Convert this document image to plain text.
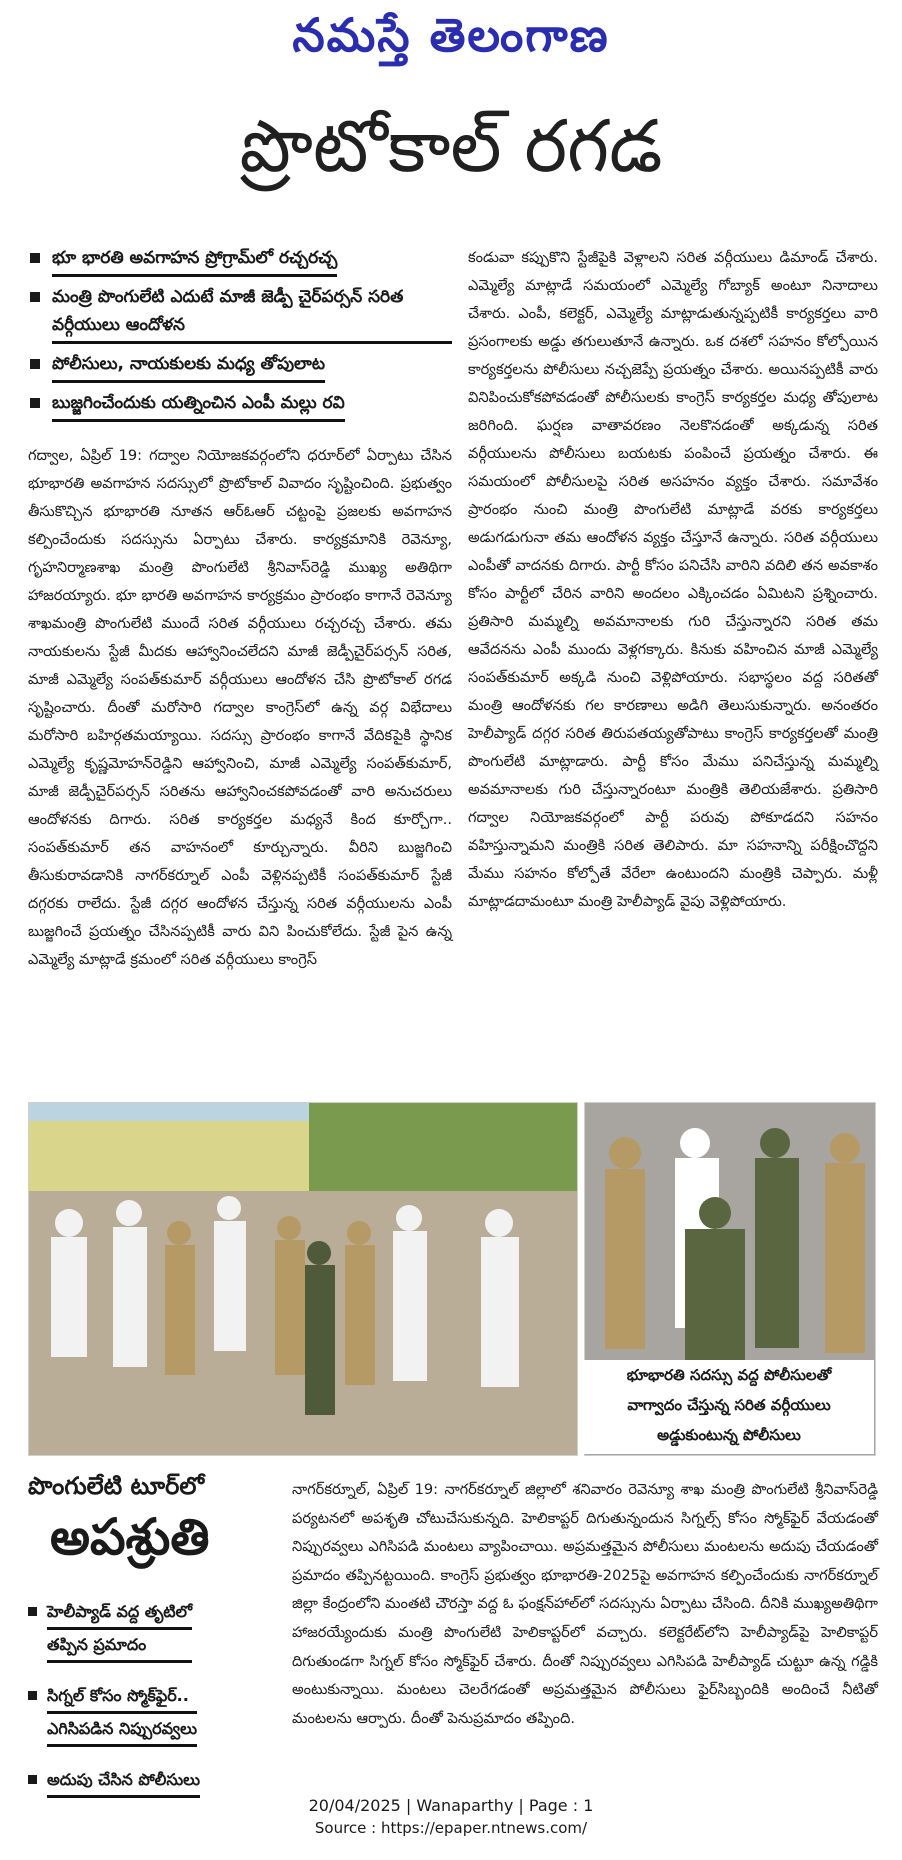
నమస్తే తెలంగాణ
ప్రొటోకాల్ రగడ
భూ భారతి అవగాహన ప్రోగ్రామ్‌లో రచ్చరచ్చ
మంత్రి పొంగులేటి ఎదుటే మాజీ జెడ్పీ చైర్‌పర్సన్ సరిత వర్గీయులు ఆందోళన
పోలీసులు, నాయకులకు మధ్య తోపులాట
బుజ్జగించేందుకు యత్నించిన ఎంపీ మల్లు రవి

గద్వాల, ఏప్రిల్ 19: గద్వాల నియోజకవర్గంలోని ధరూర్‌లో ఏర్పాటు చేసిన భూభారతి అవగాహన సదస్సులో ప్రొటోకాల్ వివాదం సృష్టించింది. ప్రభుత్వం తీసుకొచ్చిన భూభారతి నూతన ఆర్‌ఓఆర్ చట్టంపై ప్రజలకు అవగాహన కల్పించేందుకు సదస్సును ఏర్పాటు చేశారు. కార్యక్రమానికి రెవెన్యూ, గృహనిర్మాణశాఖ మంత్రి పొంగులేటి శ్రీనివాస్‌రెడ్డి ముఖ్య అతిథిగా హాజరయ్యారు. భూ భారతి అవగాహన కార్యక్రమం ప్రారంభం కాగానే రెవెన్యూ శాఖమంత్రి పొంగులేటి ముందే సరిత వర్గీయులు రచ్చరచ్చ చేశారు. తమ నాయకులను స్టేజీ మీదకు ఆహ్వానించలేదని మాజీ జెడ్పీచైర్‌పర్సన్ సరిత, మాజీ ఎమ్మెల్యే సంపత్‌కుమార్ వర్గీయులు ఆందోళన చేసి ప్రొటోకాల్ రగడ సృష్టించారు. దీంతో మరోసారి గద్వాల కాంగ్రెస్‌లో ఉన్న వర్గ విభేదాలు మరోసారి బహిర్గతమయ్యాయి. సదస్సు ప్రారంభం కాగానే వేదికపైకి స్థానిక ఎమ్మెల్యే కృష్ణమోహన్‌రెడ్డిని ఆహ్వానించి, మాజీ ఎమ్మెల్యే సంపత్‌కుమార్, మాజీ జెడ్పీచైర్‌పర్సన్ సరితను ఆహ్వానించకపోవడంతో వారి అనుచరులు ఆందోళనకు దిగారు. సరిత కార్యకర్తల మధ్యనే కింద కూర్చోగా.. సంపత్‌కుమార్ తన వాహనంలో కూర్చున్నారు. వీరిని బుజ్జగించి తీసుకురావడానికి నాగర్‌కర్నూల్ ఎంపీ వెళ్లినప్పటికీ సంపత్‌కుమార్ స్టేజీ దగ్గరకు రాలేదు. స్టేజీ దగ్గర ఆందోళన చేస్తున్న సరిత వర్గీయులను ఎంపీ బుజ్జగించే ప్రయత్నం చేసినప్పటికీ వారు విని పించుకోలేదు. స్టేజీ పైన ఉన్న ఎమ్మెల్యే మాట్లాడే క్రమంలో సరిత వర్గీయులు కాంగ్రెస్

కండువా కప్పుకొని స్టేజీపైకి వెళ్లాలని సరిత వర్గీయులు డిమాండ్ చేశారు. ఎమ్మెల్యే మాట్లాడే సమయంలో ఎమ్మెల్యే గోబ్యాక్ అంటూ నినాదాలు చేశారు. ఎంపీ, కలెక్టర్, ఎమ్మెల్యే మాట్లాడుతున్నప్పటికీ కార్యకర్తలు వారి ప్రసంగాలకు అడ్డు తగులుతూనే ఉన్నారు. ఒక దశలో సహనం కోల్పోయిన కార్యకర్తలను పోలీసులు నచ్చజెప్పే ప్రయత్నం చేశారు. అయినప్పటికీ వారు వినిపించుకోకపోవడంతో పోలీసులకు కాంగ్రెస్ కార్యకర్తల మధ్య తోపులాట జరిగింది. ఘర్షణ వాతావరణం నెలకొనడంతో అక్కడున్న సరిత వర్గీయులను పోలీసులు బయటకు పంపించే ప్రయత్నం చేశారు. ఈ సమయంలో పోలీసులపై సరిత అసహనం వ్యక్తం చేశారు. సమావేశం ప్రారంభం నుంచి మంత్రి పొంగులేటి మాట్లాడే వరకు కార్యకర్తలు అడుగడుగునా తమ ఆందోళన వ్యక్తం చేస్తూనే ఉన్నారు. సరిత వర్గీయులు ఎంపీతో వాదనకు దిగారు. పార్టీ కోసం పనిచేసి వారిని వదిలి తన అవకాశం కోసం పార్టీలో చేరిన వారిని అందలం ఎక్కించడం ఏమిటని ప్రశ్నించారు. ప్రతిసారి మమ్మల్ని అవమానాలకు గురి చేస్తున్నారని సరిత తమ ఆవేదనను ఎంపీ ముందు వెళ్లగక్కారు. కినుకు వహించిన మాజీ ఎమ్మెల్యే సంపత్‌కుమార్ అక్కడి నుంచి వెళ్లిపోయారు. సభాస్థలం వద్ద సరితతో మంత్రి ఆందోళనకు గల కారణాలు అడిగి తెలుసుకున్నారు. అనంతరం హెలీప్యాడ్ దగ్గర సరిత తిరుపతయ్యతోపాటు కాంగ్రెస్ కార్యకర్తలతో మంత్రి పొంగులేటి మాట్లాడారు. పార్టీ కోసం మేము పనిచేస్తున్న మమ్మల్ని అవమానాలకు గురి చేస్తున్నారంటూ మంత్రికి తెలియజేశారు. ప్రతిసారి గద్వాల నియోజకవర్గంలో పార్టీ పరువు పోకూడదని సహనం వహిస్తున్నామని మంత్రికి సరిత తెలిపారు. మా సహనాన్ని పరీక్షించొద్దని మేము సహనం కోల్పోతే వేరేలా ఉంటుందని మంత్రికి చెప్పారు. మళ్లీ మాట్లాడదామంటూ మంత్రి హెలీప్యాడ్ వైపు వెళ్లిపోయారు.

భూభారతి సదస్సు వద్ద పోలీసులతో
వాగ్వాదం చేస్తున్న సరిత వర్గీయులు
అడ్డుకుంటున్న పోలీసులు
పొంగులేటి టూర్‌లో
అపశ్రుతి
హెలీప్యాడ్ వద్ద తృటిలో
తప్పిన ప్రమాదం
సిగ్నల్ కోసం స్మోక్‌ఫైర్..
ఎగిసిపడిన నిప్పురవ్వలు
అదుపు చేసిన పోలీసులు

నాగర్‌కర్నూల్, ఏప్రిల్ 19: నాగర్‌కర్నూల్ జిల్లాలో శనివారం రెవెన్యూ శాఖ మంత్రి పొంగులేటి శ్రీనివాస్‌రెడ్డి పర్యటనలో అపశృతి చోటుచేసుకున్నది. హెలికాప్టర్ దిగుతున్నందున సిగ్నల్స్ కోసం స్మోక్‌ఫైర్ వేయడంతో నిప్పురవ్వలు ఎగిసిపడి మంటలు వ్యాపించాయి. అప్రమత్తమైన పోలీసులు మంటలను అదుపు చేయడంతో ప్రమాదం తప్పినట్టయింది. కాంగ్రెస్ ప్రభుత్వం భూభారతి-2025పై అవగాహన కల్పించేందుకు నాగర్‌కర్నూల్ జిల్లా కేంద్రంలోని మంతటి చౌరస్తా వద్ద ఓ ఫంక్షన్‌హాల్‌లో సదస్సును ఏర్పాటు చేసింది. దీనికి ముఖ్యఅతిథిగా హాజరయ్యేందుకు మంత్రి పొంగులేటి హెలికాప్టర్‌లో వచ్చారు. కలెక్టరేట్‌లోని హెలీప్యాడ్‌పై హెలికాప్టర్ దిగుతుండగా సిగ్నల్ కోసం స్మోక్‌ఫైర్ చేశారు. దీంతో నిప్పురవ్వలు ఎగిసిపడి హెలీప్యాడ్ చుట్టూ ఉన్న గడ్డికి అంటుకున్నాయి. మంటలు చెలరేగడంతో అప్రమత్తమైన పోలీసులు ఫైర్‌సిబ్బందికి అందించే నీటితో మంటలను ఆర్పారు. దీంతో పెనుప్రమాదం తప్పింది.

20/04/2025 | Wanaparthy | Page : 1
Source : https://epaper.ntnews.com/
